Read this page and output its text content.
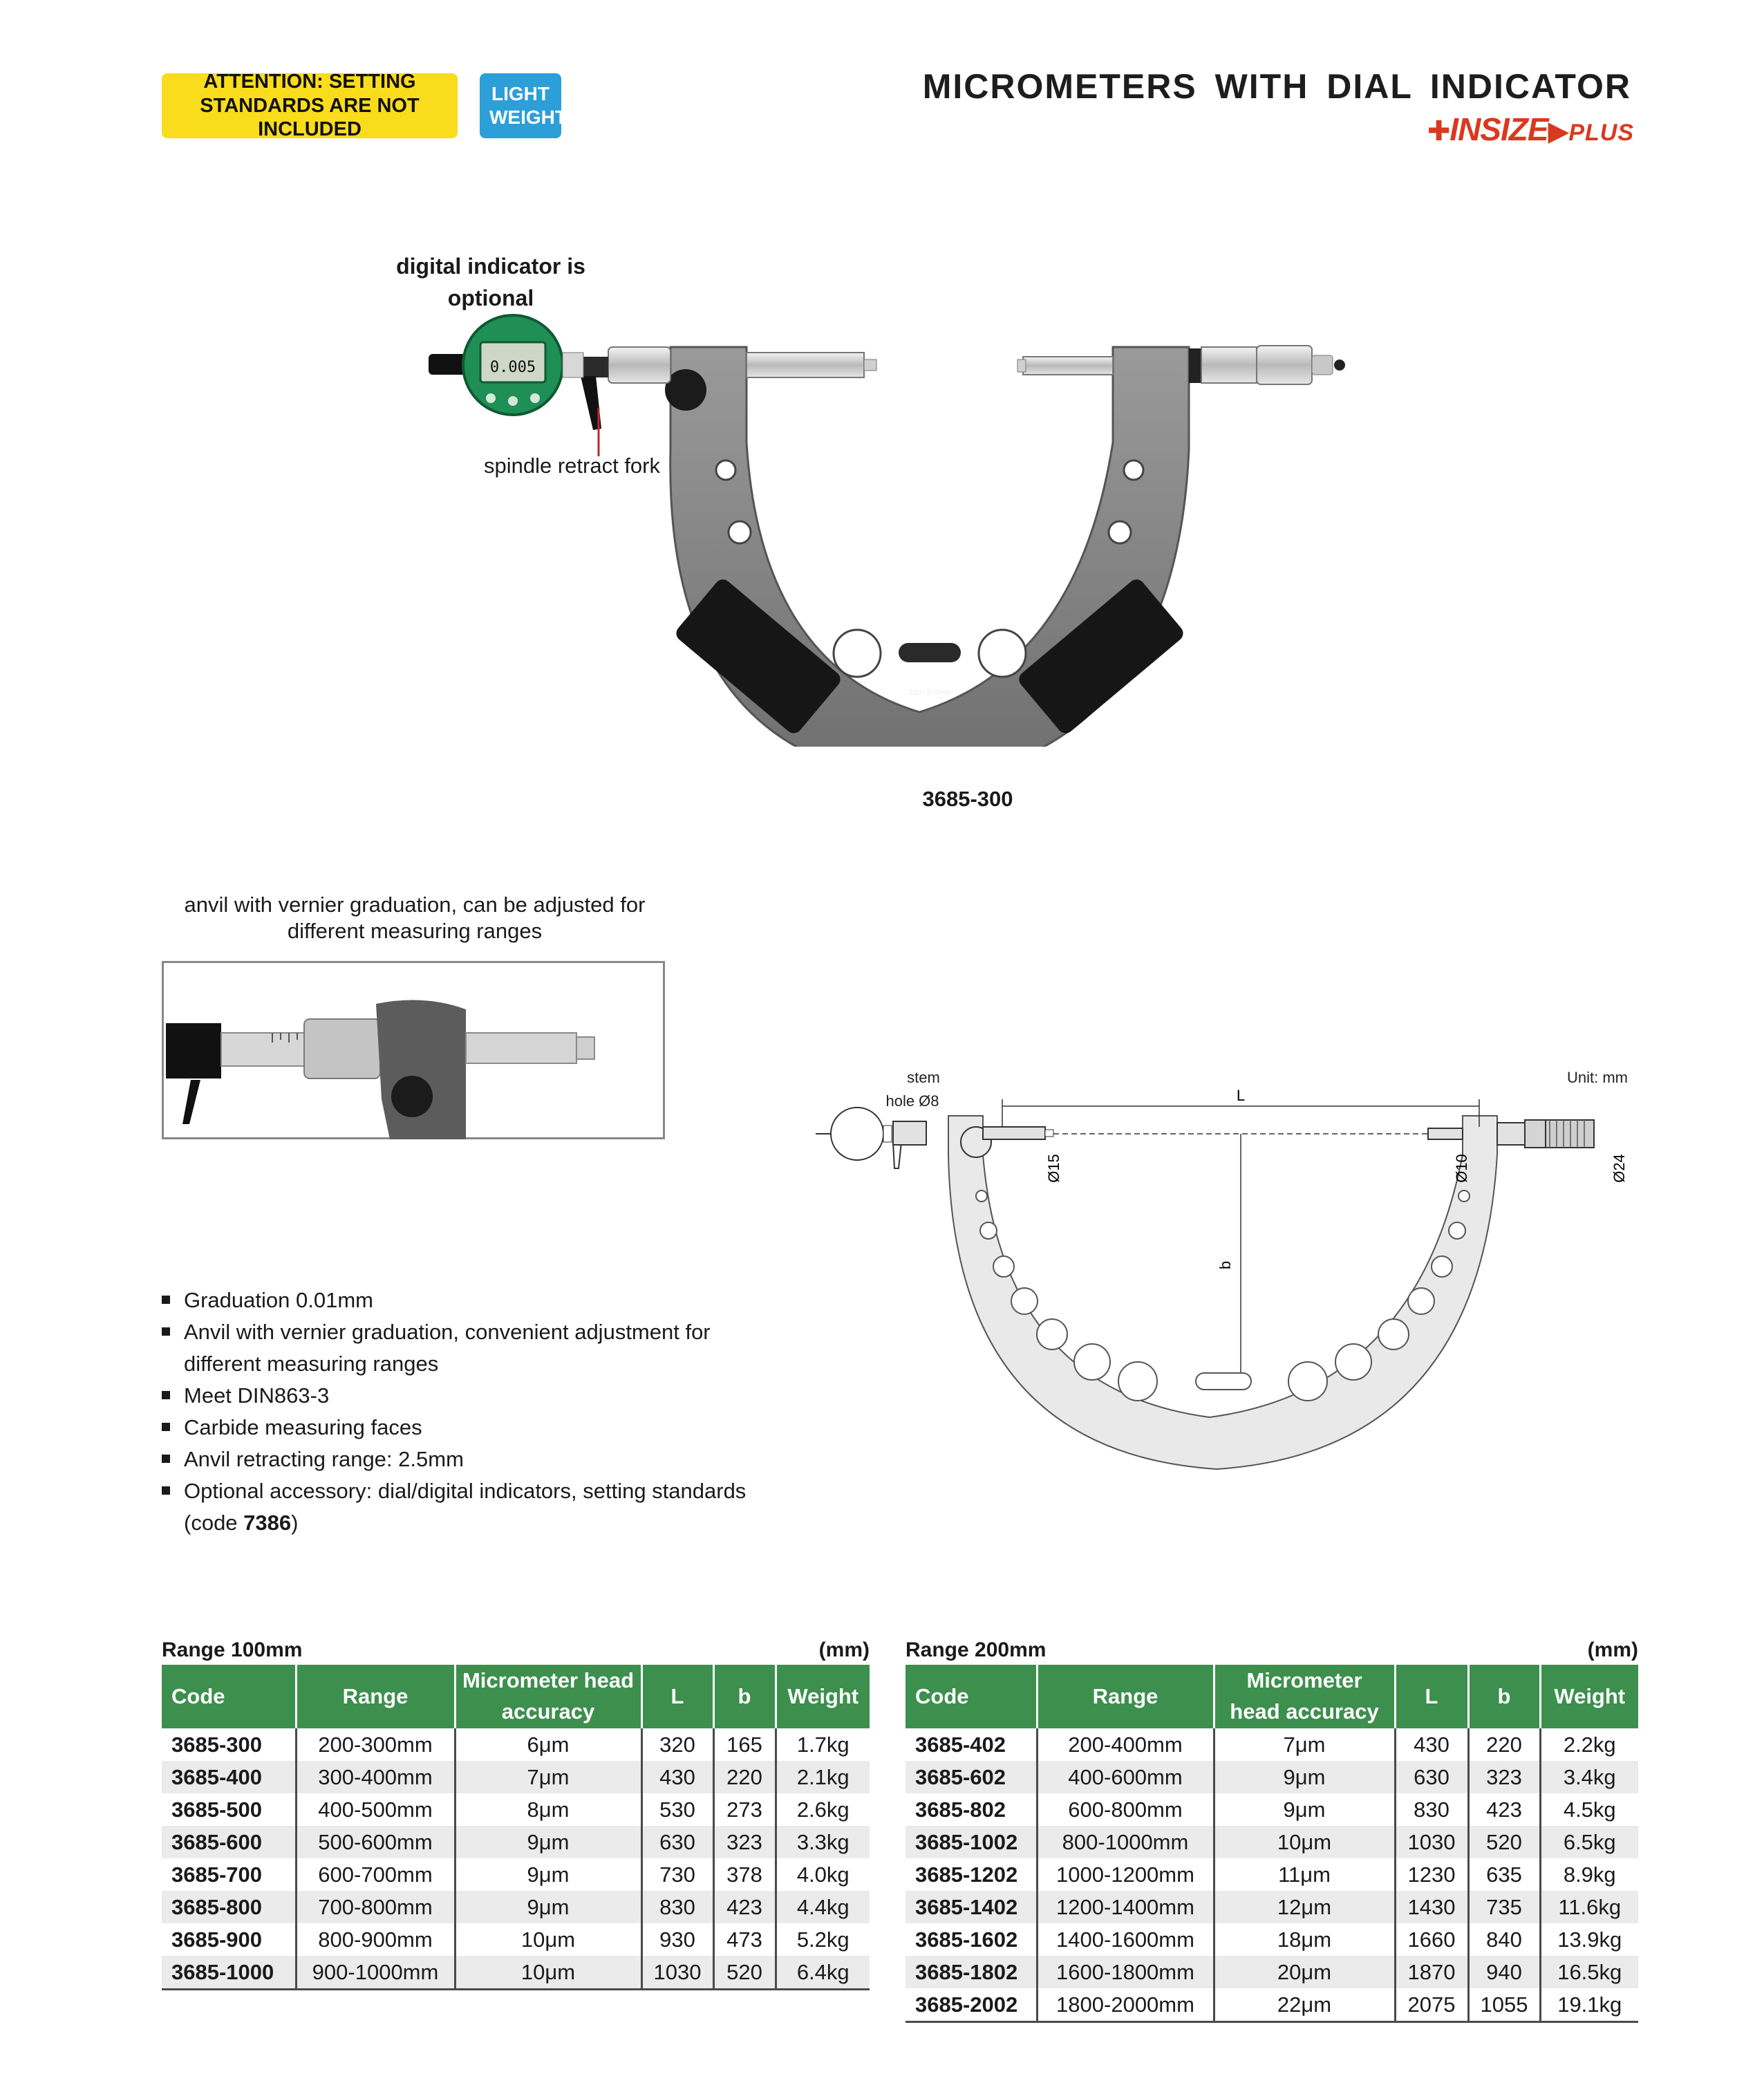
ATTENTION: SETTING STANDARDS ARE NOT INCLUDED
LIGHT WEIGHT
MICROMETERS WITH DIAL INDICATOR
✚INSIZE▶PLUS
digital indicator is optional
200~300mm
0.005
spindle retract fork
3685-300
anvil with vernier graduation, can be adjusted for different measuring ranges
stem
hole Ø8
Unit: mm
L
b
Ø15	Ø10	Ø24
Graduation 0.01mm
Anvil with vernier graduation, convenient adjustment for different measuring ranges
Meet DIN863-3
Carbide measuring faces
Anvil retracting range: 2.5mm
Optional accessory: dial/digital indicators, setting standards (code 7386)
Range 100mm	(mm)
Code	Range	Micrometer head accuracy	L	b	Weight
3685-300	200-300mm	6μm	320	165	1.7kg
3685-400	300-400mm	7μm	430	220	2.1kg
3685-500	400-500mm	8μm	530	273	2.6kg
3685-600	500-600mm	9μm	630	323	3.3kg
3685-700	600-700mm	9μm	730	378	4.0kg
3685-800	700-800mm	9μm	830	423	4.4kg
3685-900	800-900mm	10μm	930	473	5.2kg
3685-1000	900-1000mm	10μm	1030	520	6.4kg
Range 200mm	(mm)
Code	Range	Micrometer head accuracy	L	b	Weight
3685-402	200-400mm	7μm	430	220	2.2kg
3685-602	400-600mm	9μm	630	323	3.4kg
3685-802	600-800mm	9μm	830	423	4.5kg
3685-1002	800-1000mm	10μm	1030	520	6.5kg
3685-1202	1000-1200mm	11μm	1230	635	8.9kg
3685-1402	1200-1400mm	12μm	1430	735	11.6kg
3685-1602	1400-1600mm	18μm	1660	840	13.9kg
3685-1802	1600-1800mm	20μm	1870	940	16.5kg
3685-2002	1800-2000mm	22μm	2075	1055	19.1kg
